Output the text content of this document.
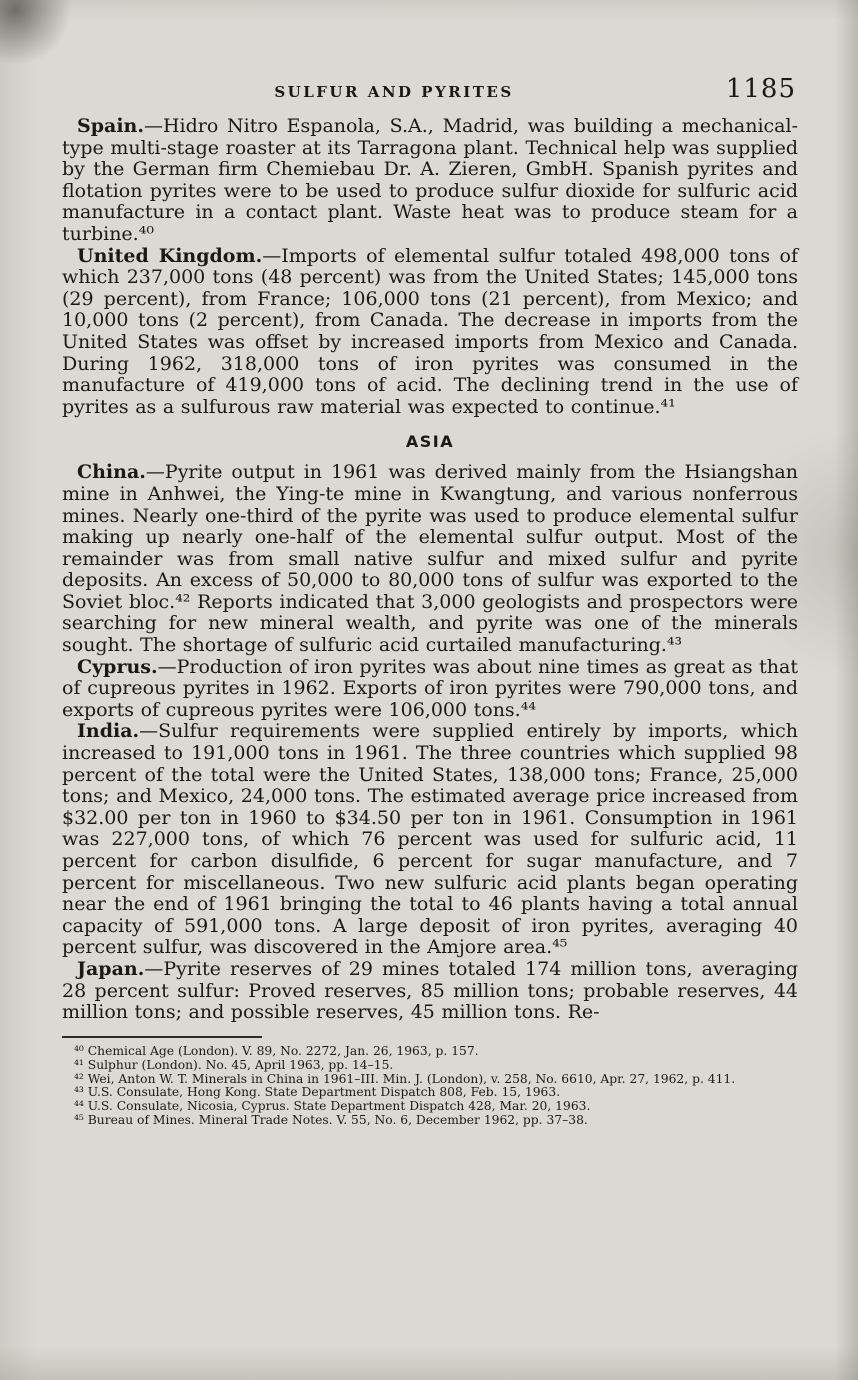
SULFUR AND PYRITES	1185

Spain.—Hidro Nitro Espanola, S.A., Madrid, was building a mechanical-type multi-stage roaster at its Tarragona plant. Technical help was supplied by the German firm Chemiebau Dr. A. Zieren, GmbH. Spanish pyrites and flotation pyrites were to be used to produce sulfur dioxide for sulfuric acid manufacture in a contact plant. Waste heat was to produce steam for a turbine.⁴⁰

United Kingdom.—Imports of elemental sulfur totaled 498,000 tons of which 237,000 tons (48 percent) was from the United States; 145,000 tons (29 percent), from France; 106,000 tons (21 percent), from Mexico; and 10,000 tons (2 percent), from Canada. The decrease in imports from the United States was offset by increased imports from Mexico and Canada. During 1962, 318,000 tons of iron pyrites was consumed in the manufacture of 419,000 tons of acid. The declining trend in the use of pyrites as a sulfurous raw material was expected to continue.⁴¹

ASIA

China.—Pyrite output in 1961 was derived mainly from the Hsiangshan mine in Anhwei, the Ying-te mine in Kwangtung, and various nonferrous mines. Nearly one-third of the pyrite was used to produce elemental sulfur making up nearly one-half of the elemental sulfur output. Most of the remainder was from small native sulfur and mixed sulfur and pyrite deposits. An excess of 50,000 to 80,000 tons of sulfur was exported to the Soviet bloc.⁴² Reports indicated that 3,000 geologists and prospectors were searching for new mineral wealth, and pyrite was one of the minerals sought. The shortage of sulfuric acid curtailed manufacturing.⁴³

Cyprus.—Production of iron pyrites was about nine times as great as that of cupreous pyrites in 1962. Exports of iron pyrites were 790,000 tons, and exports of cupreous pyrites were 106,000 tons.⁴⁴

India.—Sulfur requirements were supplied entirely by imports, which increased to 191,000 tons in 1961. The three countries which supplied 98 percent of the total were the United States, 138,000 tons; France, 25,000 tons; and Mexico, 24,000 tons. The estimated average price increased from $32.00 per ton in 1960 to $34.50 per ton in 1961. Consumption in 1961 was 227,000 tons, of which 76 percent was used for sulfuric acid, 11 percent for carbon disulfide, 6 percent for sugar manufacture, and 7 percent for miscellaneous. Two new sulfuric acid plants began operating near the end of 1961 bringing the total to 46 plants having a total annual capacity of 591,000 tons. A large deposit of iron pyrites, averaging 40 percent sulfur, was discovered in the Amjore area.⁴⁵

Japan.—Pyrite reserves of 29 mines totaled 174 million tons, averaging 28 percent sulfur: Proved reserves, 85 million tons; probable reserves, 44 million tons; and possible reserves, 45 million tons. Re-

⁴⁰ Chemical Age (London). V. 89, No. 2272, Jan. 26, 1963, p. 157.
⁴¹ Sulphur (London). No. 45, April 1963, pp. 14–15.
⁴² Wei, Anton W. T. Minerals in China in 1961–III. Min. J. (London), v. 258, No. 6610, Apr. 27, 1962, p. 411.
⁴³ U.S. Consulate, Hong Kong. State Department Dispatch 808, Feb. 15, 1963.
⁴⁴ U.S. Consulate, Nicosia, Cyprus. State Department Dispatch 428, Mar. 20, 1963.
⁴⁵ Bureau of Mines. Mineral Trade Notes. V. 55, No. 6, December 1962, pp. 37–38.
